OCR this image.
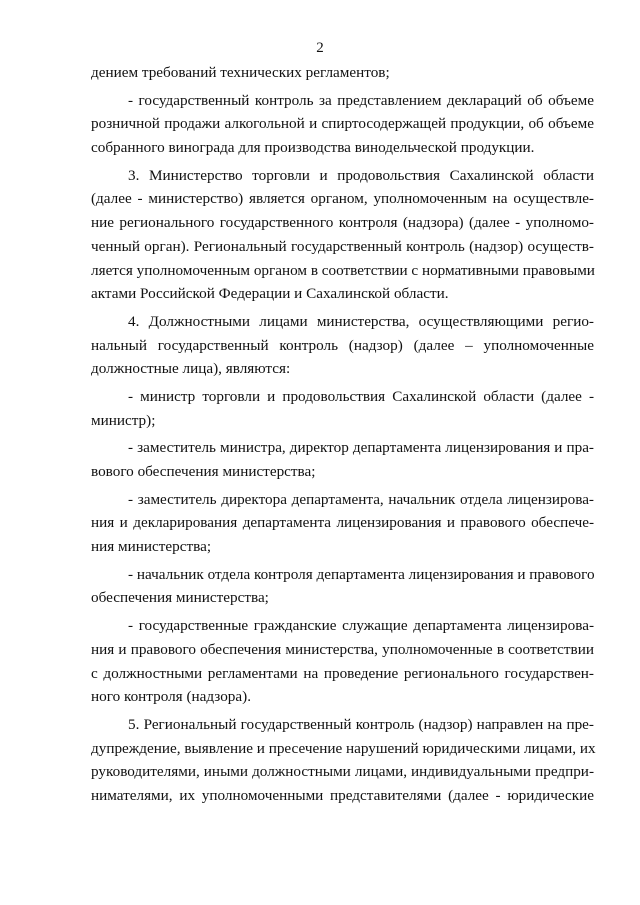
2
дением требований технических регламентов;
- государственный контроль за представлением деклараций об объеме
розничной продажи алкогольной и спиртосодержащей продукции, об объеме
собранного винограда для производства винодельческой продукции.
3. Министерство торговли и продовольствия Сахалинской области
(далее - министерство) является органом, уполномоченным на осуществле-
ние регионального государственного контроля (надзора) (далее - уполномо-
ченный орган). Региональный государственный контроль (надзор) осуществ-
ляется уполномоченным органом в соответствии с нормативными правовыми
актами Российской Федерации и Сахалинской области.
4. Должностными лицами министерства, осуществляющими регио-
нальный государственный контроль (надзор) (далее – уполномоченные
должностные лица), являются:
- министр торговли и продовольствия Сахалинской области (далее -
министр);
- заместитель министра, директор департамента лицензирования и пра-
вового обеспечения министерства;
- заместитель директора департамента, начальник отдела лицензирова-
ния и декларирования департамента лицензирования и правового обеспече-
ния министерства;
- начальник отдела контроля департамента лицензирования и правового
обеспечения министерства;
- государственные гражданские служащие департамента лицензирова-
ния и правового обеспечения министерства, уполномоченные в соответствии
с должностными регламентами на проведение регионального государствен-
ного контроля (надзора).
5. Региональный государственный контроль (надзор) направлен на пре-
дупреждение, выявление и пресечение нарушений юридическими лицами, их
руководителями, иными должностными лицами, индивидуальными предпри-
нимателями, их уполномоченными представителями (далее - юридические
